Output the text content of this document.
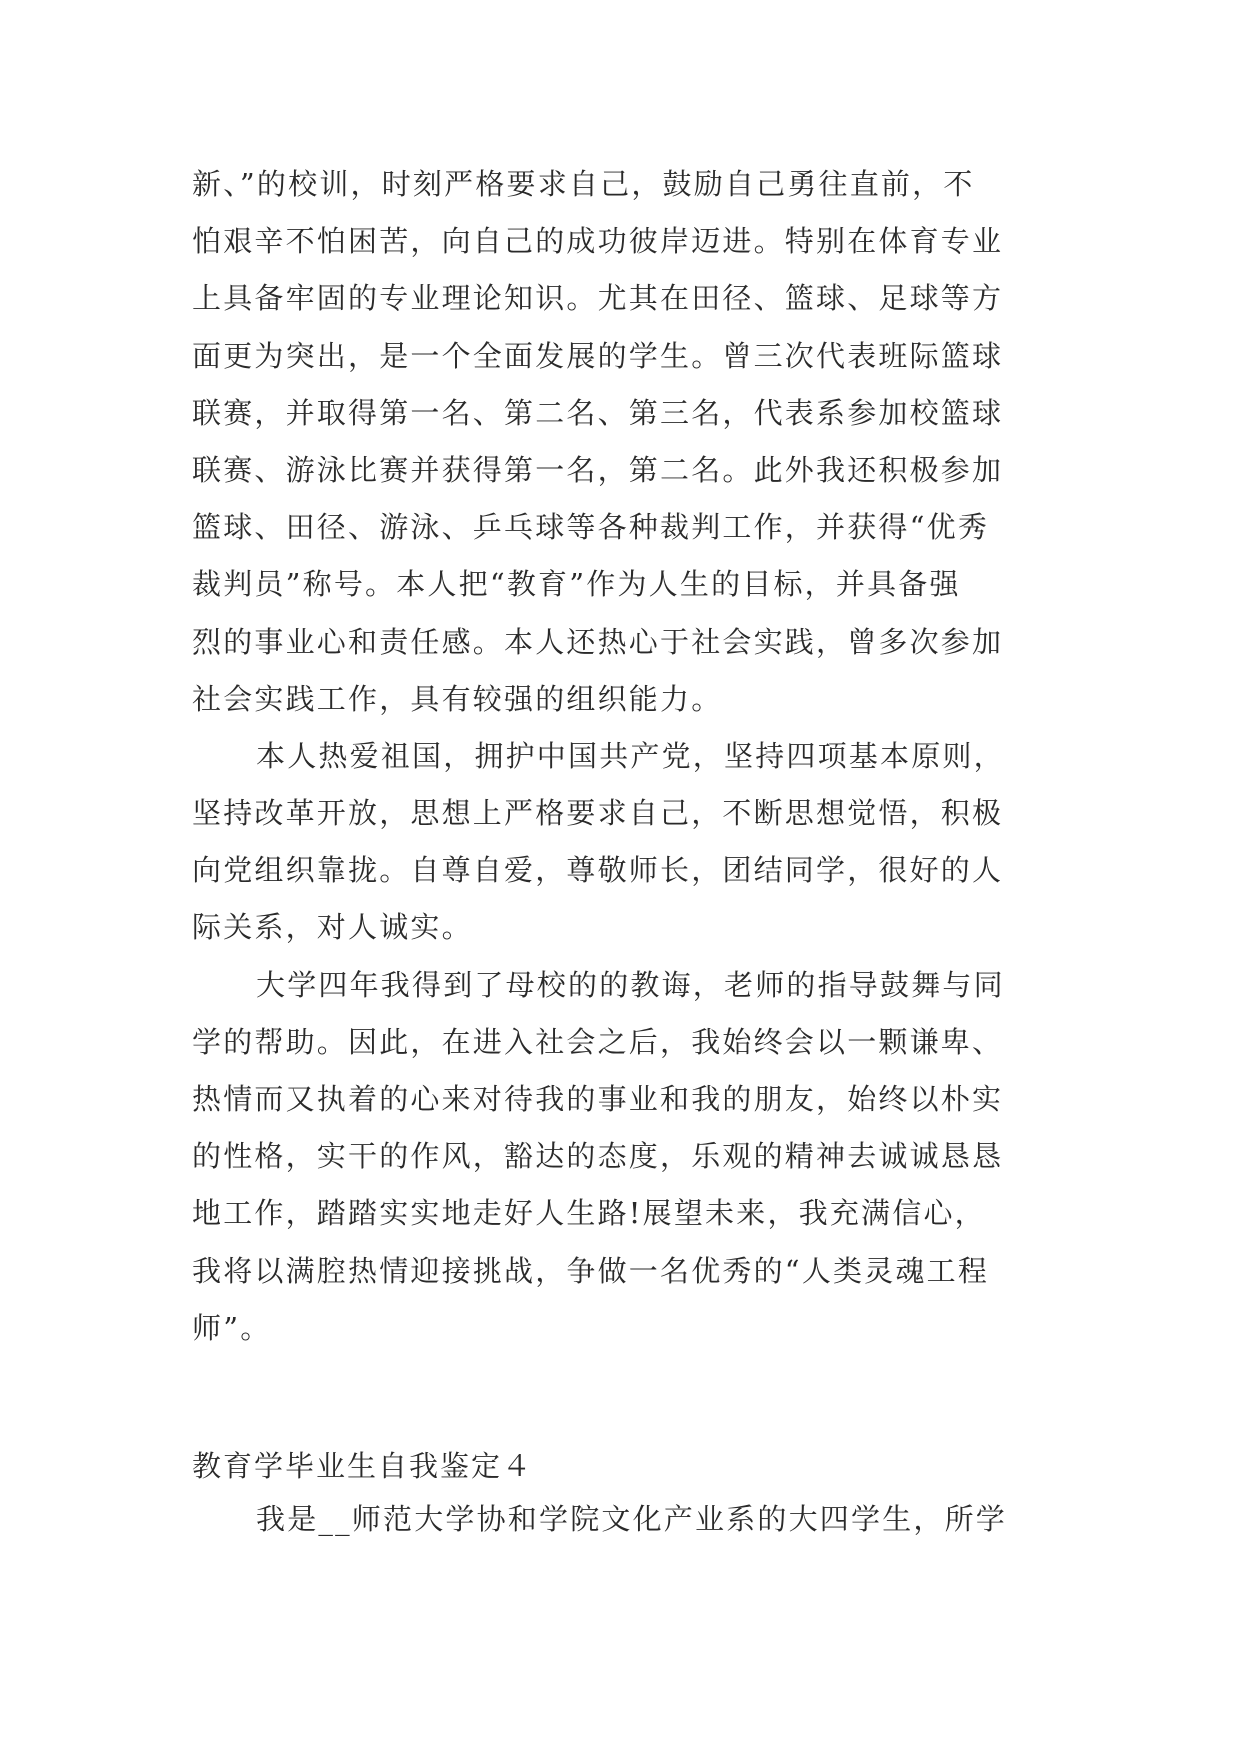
新、”的校训，时刻严格要求自己，鼓励自己勇往直前，不
怕艰辛不怕困苦，向自己的成功彼岸迈进。特别在体育专业
上具备牢固的专业理论知识。尤其在田径、篮球、足球等方
面更为突出，是一个全面发展的学生。曾三次代表班际篮球
联赛，并取得第一名、第二名、第三名，代表系参加校篮球
联赛、游泳比赛并获得第一名，第二名。此外我还积极参加
篮球、田径、游泳、乒乓球等各种裁判工作，并获得“优秀
裁判员”称号。本人把“教育”作为人生的目标，并具备强
烈的事业心和责任感。本人还热心于社会实践，曾多次参加
社会实践工作，具有较强的组织能力。
本人热爱祖国，拥护中国共产党，坚持四项基本原则，
坚持改革开放，思想上严格要求自己，不断思想觉悟，积极
向党组织靠拢。自尊自爱，尊敬师长，团结同学，很好的人
际关系，对人诚实。
大学四年我得到了母校的的教诲，老师的指导鼓舞与同
学的帮助。因此，在进入社会之后，我始终会以一颗谦卑、
热情而又执着的心来对待我的事业和我的朋友，始终以朴实
的性格，实干的作风，豁达的态度，乐观的精神去诚诚恳恳
地工作，踏踏实实地走好人生路!展望未来，我充满信心，
我将以满腔热情迎接挑战，争做一名优秀的“人类灵魂工程
师”。
教育学毕业生自我鉴定４
我是__师范大学协和学院文化产业系的大四学生，所学
